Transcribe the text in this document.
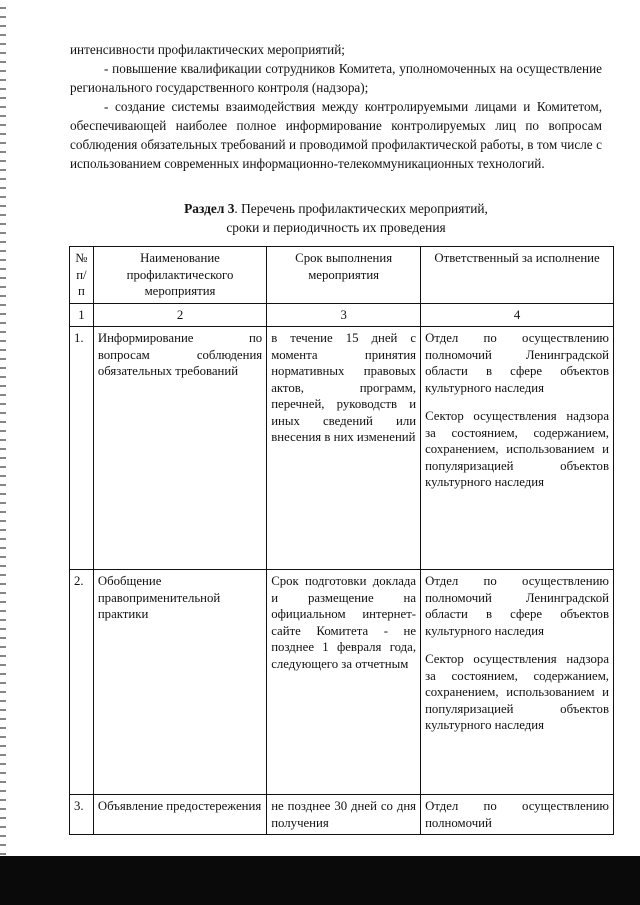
интенсивности профилактических мероприятий;

- повышение квалификации сотрудников Комитета, уполномоченных на осуществление регионального государственного контроля (надзора);

- создание системы взаимодействия между контролируемыми лицами и Комитетом, обеспечивающей наиболее полное информирование контролируемых лиц по вопросам соблюдения обязательных требований и проводимой профилактической работы, в том числе с использованием современных информационно-телекоммуникационных технологий.

Раздел 3. Перечень профилактических мероприятий,
сроки и периодичность их проведения
№ п/п	Наименование профилактического мероприятия	Срок выполнения мероприятия	Ответственный за исполнение
1	2	3	4
1.	Информирование по вопросам соблюдения обязательных требований	в течение 15 дней с момента принятия нормативных правовых актов, программ, перечней, руководств и иных сведений или внесения в них изменений	Отдел по осуществлению полномочий Ленинградской области в сфере объектов культурного наследия
Сектор осуществления надзора за состоянием, содержанием, сохранением, использованием и популяризацией объектов культурного наследия

2.	Обобщение правоприменительной практики	Срок подготовки доклада и размещение на официальном интернет-сайте Комитета - не позднее 1 февраля года, следующего за отчетным	Отдел по осуществлению полномочий Ленинградской области в сфере объектов культурного наследия
Сектор осуществления надзора за состоянием, содержанием, сохранением, использованием и популяризацией объектов культурного наследия

3.	Объявление предостережения	не позднее 30 дней со дня получения	Отдел по осуществлению полномочий
